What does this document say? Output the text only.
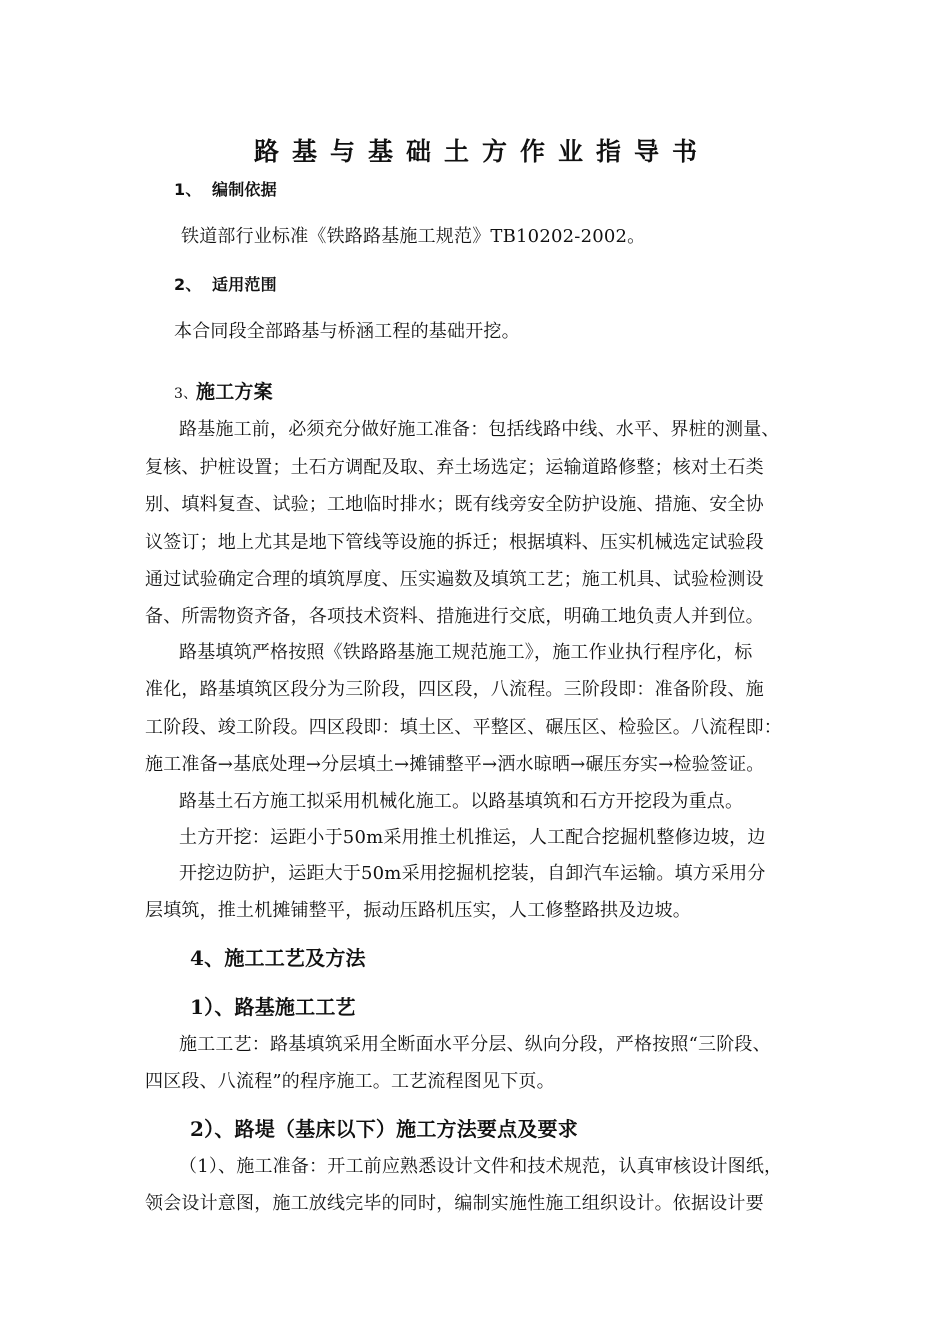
路基与基础土方作业指导书
1、 编制依据
铁道部行业标准《铁路路基施工规范》TB10202-2002。
2、 适用范围
本合同段全部路基与桥涵工程的基础开挖。
3、
施工方案
路基施工前，必须充分做好施工准备：包括线路中线、水平、界桩的测量、
复核、护桩设置；土石方调配及取、弃土场选定；运输道路修整；核对土石类
别、填料复查、试验；工地临时排水；既有线旁安全防护设施、措施、安全协
议签订；地上尤其是地下管线等设施的拆迁；根据填料、压实机械选定试验段
通过试验确定合理的填筑厚度、压实遍数及填筑工艺；施工机具、试验检测设
备、所需物资齐备，各项技术资料、措施进行交底，明确工地负责人并到位。
路基填筑严格按照《铁路路基施工规范施工》，施工作业执行程序化，标
准化，路基填筑区段分为三阶段，四区段，八流程。三阶段即：准备阶段、施
工阶段、竣工阶段。四区段即：填土区、平整区、碾压区、检验区。八流程即：
施工准备→基底处理→分层填土→摊铺整平→洒水晾晒→碾压夯实→检验签证。
路基土石方施工拟采用机械化施工。以路基填筑和石方开挖段为重点。
土方开挖：运距小于50m采用推土机推运，人工配合挖掘机整修边坡，边
开挖边防护，运距大于50m采用挖掘机挖装，自卸汽车运输。填方采用分
层填筑，推土机摊铺整平，振动压路机压实，人工修整路拱及边坡。
4、施工工艺及方法
1）、路基施工工艺
施工工艺：路基填筑采用全断面水平分层、纵向分段，严格按照“三阶段、
四区段、八流程”的程序施工。工艺流程图见下页。
2）、路堤（基床以下）施工方法要点及要求
（1）、施工准备：开工前应熟悉设计文件和技术规范，认真审核设计图纸，
领会设计意图，施工放线完毕的同时，编制实施性施工组织设计。依据设计要
